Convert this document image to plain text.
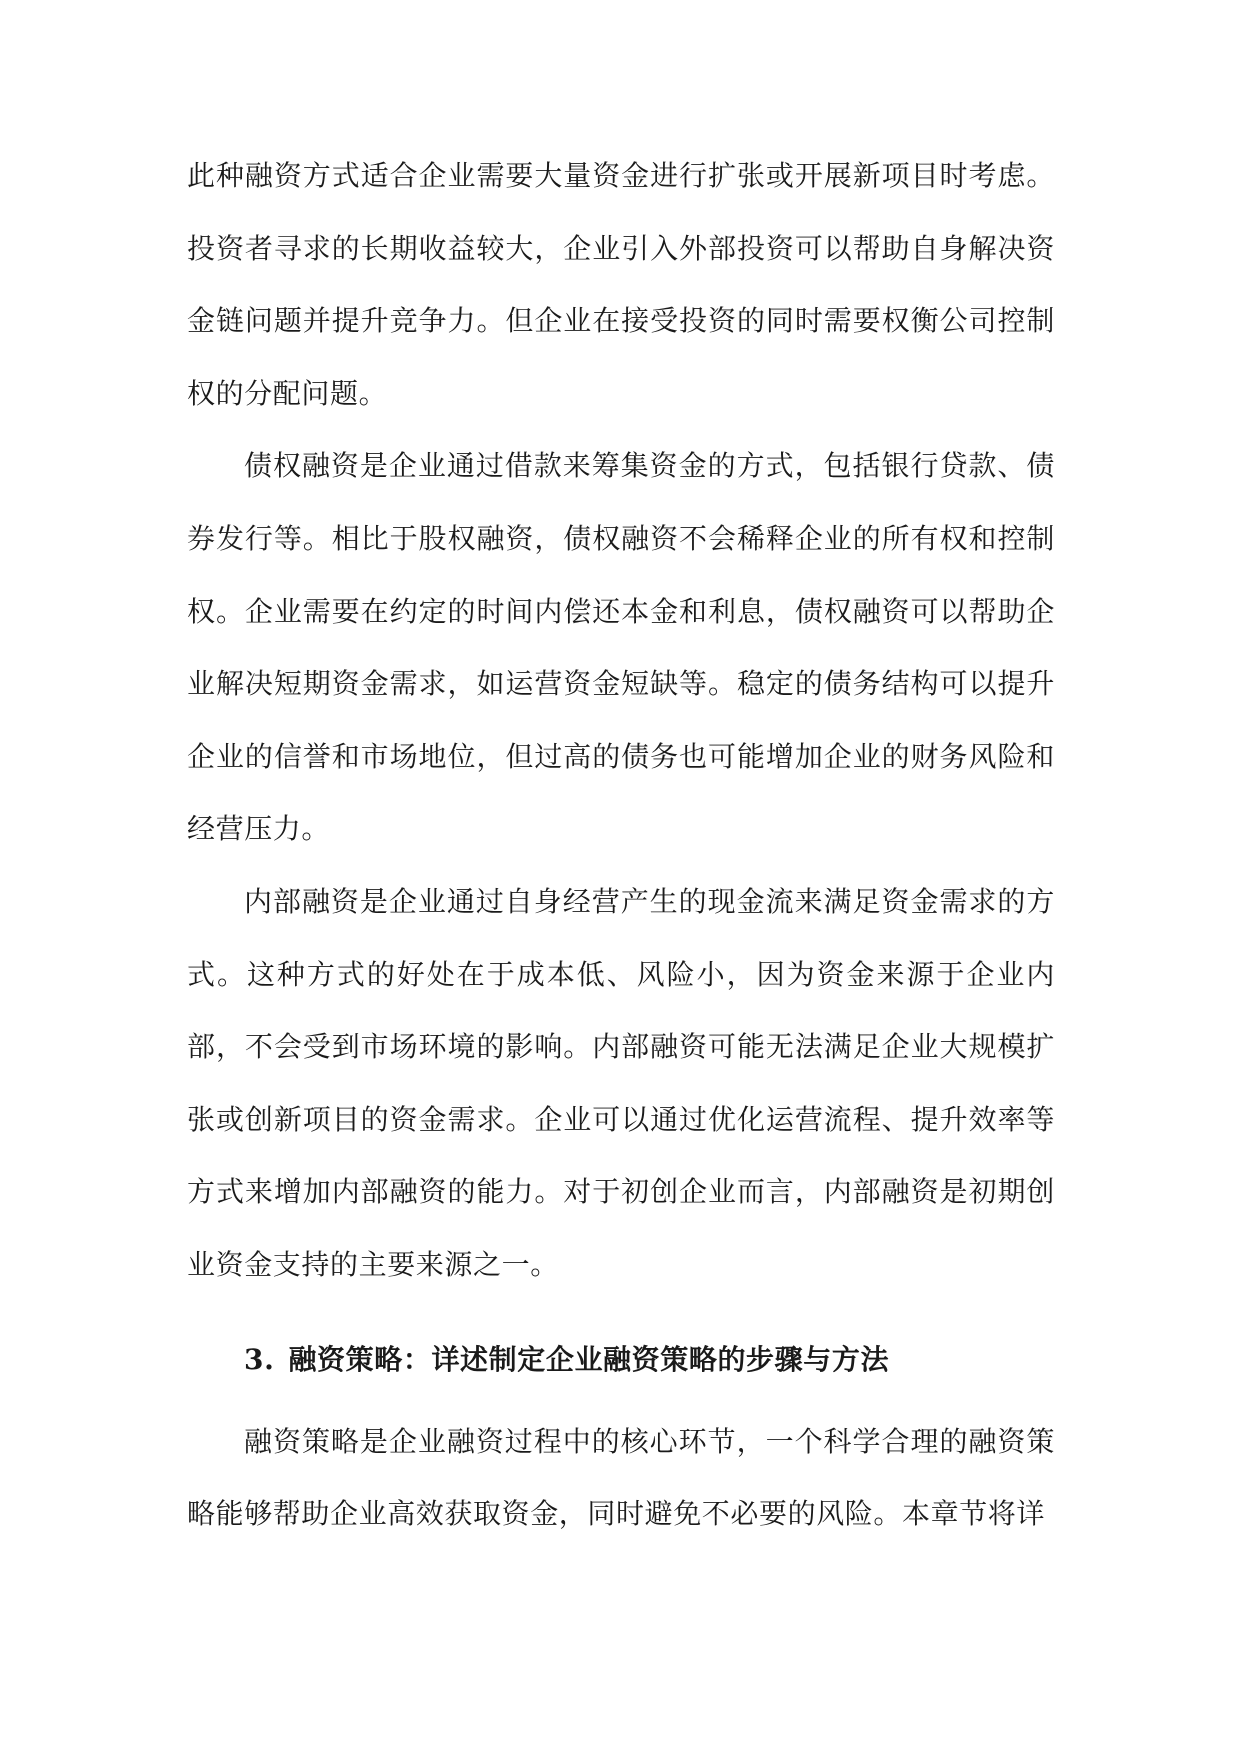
此种融资方式适合企业需要大量资金进行扩张或开展新项目时考虑。投资者寻求的长期收益较大，企业引入外部投资可以帮助自身解决资金链问题并提升竞争力。但企业在接受投资的同时需要权衡公司控制权的分配问题。

债权融资是企业通过借款来筹集资金的方式，包括银行贷款、债券发行等。相比于股权融资，债权融资不会稀释企业的所有权和控制权。企业需要在约定的时间内偿还本金和利息，债权融资可以帮助企业解决短期资金需求，如运营资金短缺等。稳定的债务结构可以提升企业的信誉和市场地位，但过高的债务也可能增加企业的财务风险和经营压力。

内部融资是企业通过自身经营产生的现金流来满足资金需求的方式。这种方式的好处在于成本低、风险小，因为资金来源于企业内部，不会受到市场环境的影响。内部融资可能无法满足企业大规模扩张或创新项目的资金需求。企业可以通过优化运营流程、提升效率等方式来增加内部融资的能力。对于初创企业而言，内部融资是初期创业资金支持的主要来源之一。

3. 融资策略：详述制定企业融资策略的步骤与方法

融资策略是企业融资过程中的核心环节，一个科学合理的融资策略能够帮助企业高效获取资金，同时避免不必要的风险。本章节将详
